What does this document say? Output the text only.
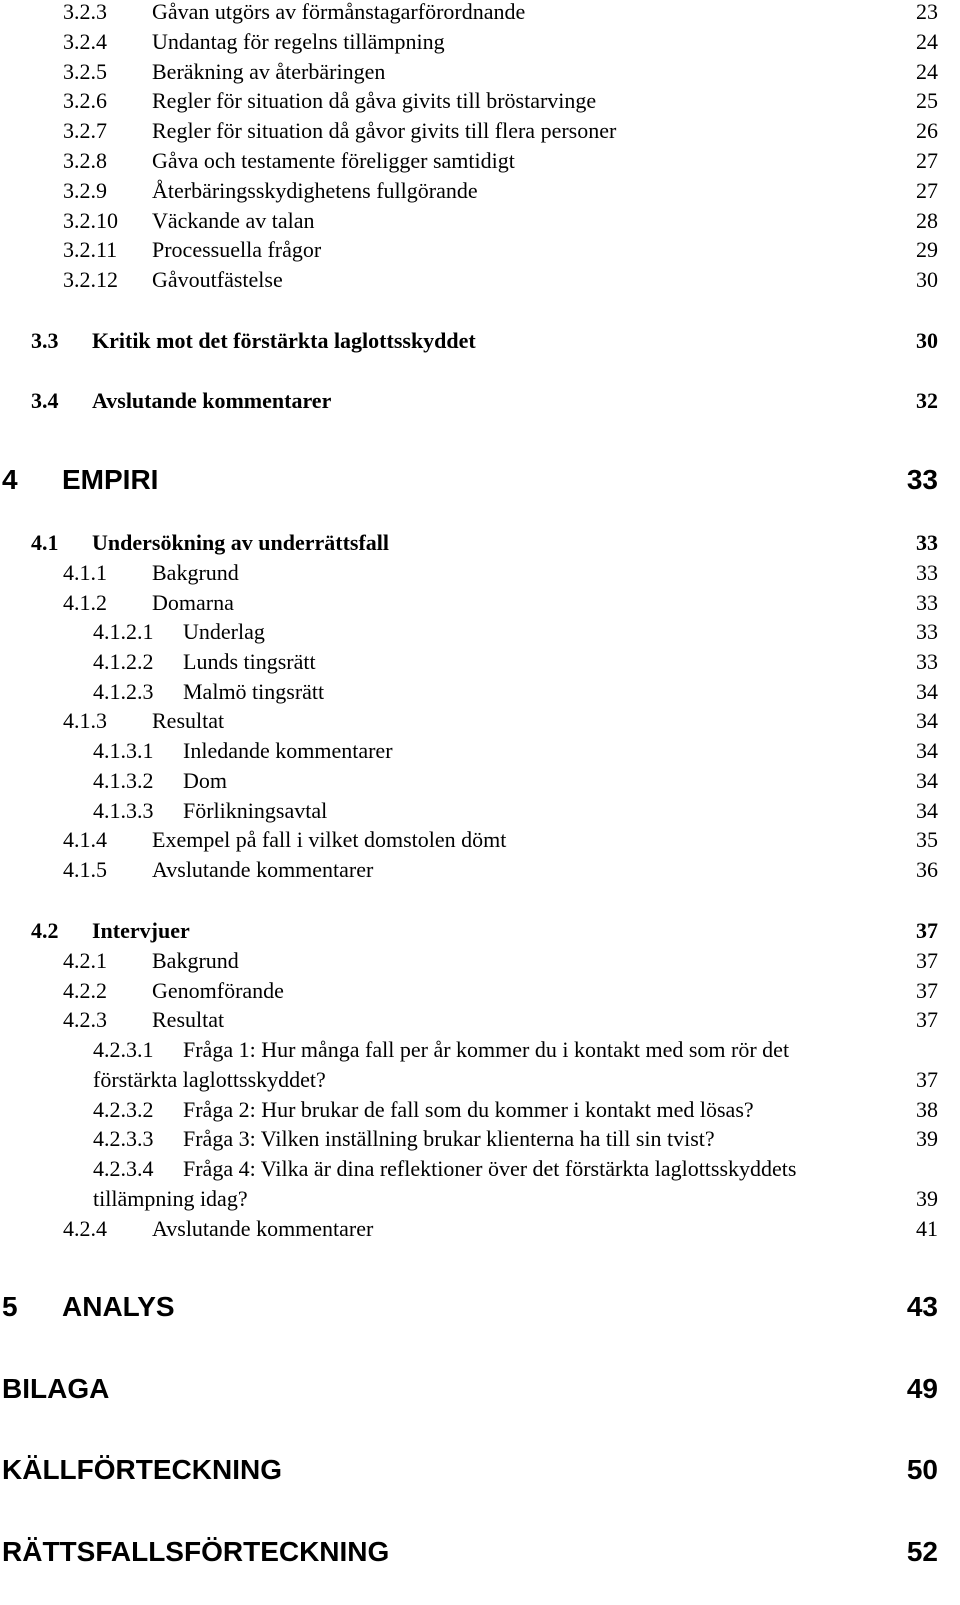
3.2.3 Gåvan utgörs av förmånstagarförordnande	23
3.2.4 Undantag för regelns tillämpning	24
3.2.5 Beräkning av återbäringen	24
3.2.6 Regler för situation då gåva givits till bröstarvinge	25
3.2.7 Regler för situation då gåvor givits till flera personer	26
3.2.8 Gåva och testamente föreligger samtidigt	27
3.2.9 Återbäringsskydighetens fullgörande	27
3.2.10 Väckande av talan	28
3.2.11 Processuella frågor	29
3.2.12 Gåvoutfästelse	30
3.3 Kritik mot det förstärkta laglottsskyddet	30
3.4 Avslutande kommentarer	32
4 EMPIRI	33
4.1 Undersökning av underrättsfall	33
4.1.1 Bakgrund	33
4.1.2 Domarna	33
4.1.2.1 Underlag	33
4.1.2.2 Lunds tingsrätt	33
4.1.2.3 Malmö tingsrätt	34
4.1.3 Resultat	34
4.1.3.1 Inledande kommentarer	34
4.1.3.2 Dom	34
4.1.3.3 Förlikningsavtal	34
4.1.4 Exempel på fall i vilket domstolen dömt	35
4.1.5 Avslutande kommentarer	36
4.2 Intervjuer	37
4.2.1 Bakgrund	37
4.2.2 Genomförande	37
4.2.3 Resultat	37
4.2.3.1 Fråga 1: Hur många fall per år kommer du i kontakt med som rör det
förstärkta laglottsskyddet?	37
4.2.3.2 Fråga 2: Hur brukar de fall som du kommer i kontakt med lösas?	38
4.2.3.3 Fråga 3: Vilken inställning brukar klienterna ha till sin tvist?	39
4.2.3.4 Fråga 4: Vilka är dina reflektioner över det förstärkta laglottsskyddets
tillämpning idag?	39
4.2.4 Avslutande kommentarer	41
5 ANALYS	43
BILAGA	49
KÄLLFÖRTECKNING	50
RÄTTSFALLSFÖRTECKNING	52
